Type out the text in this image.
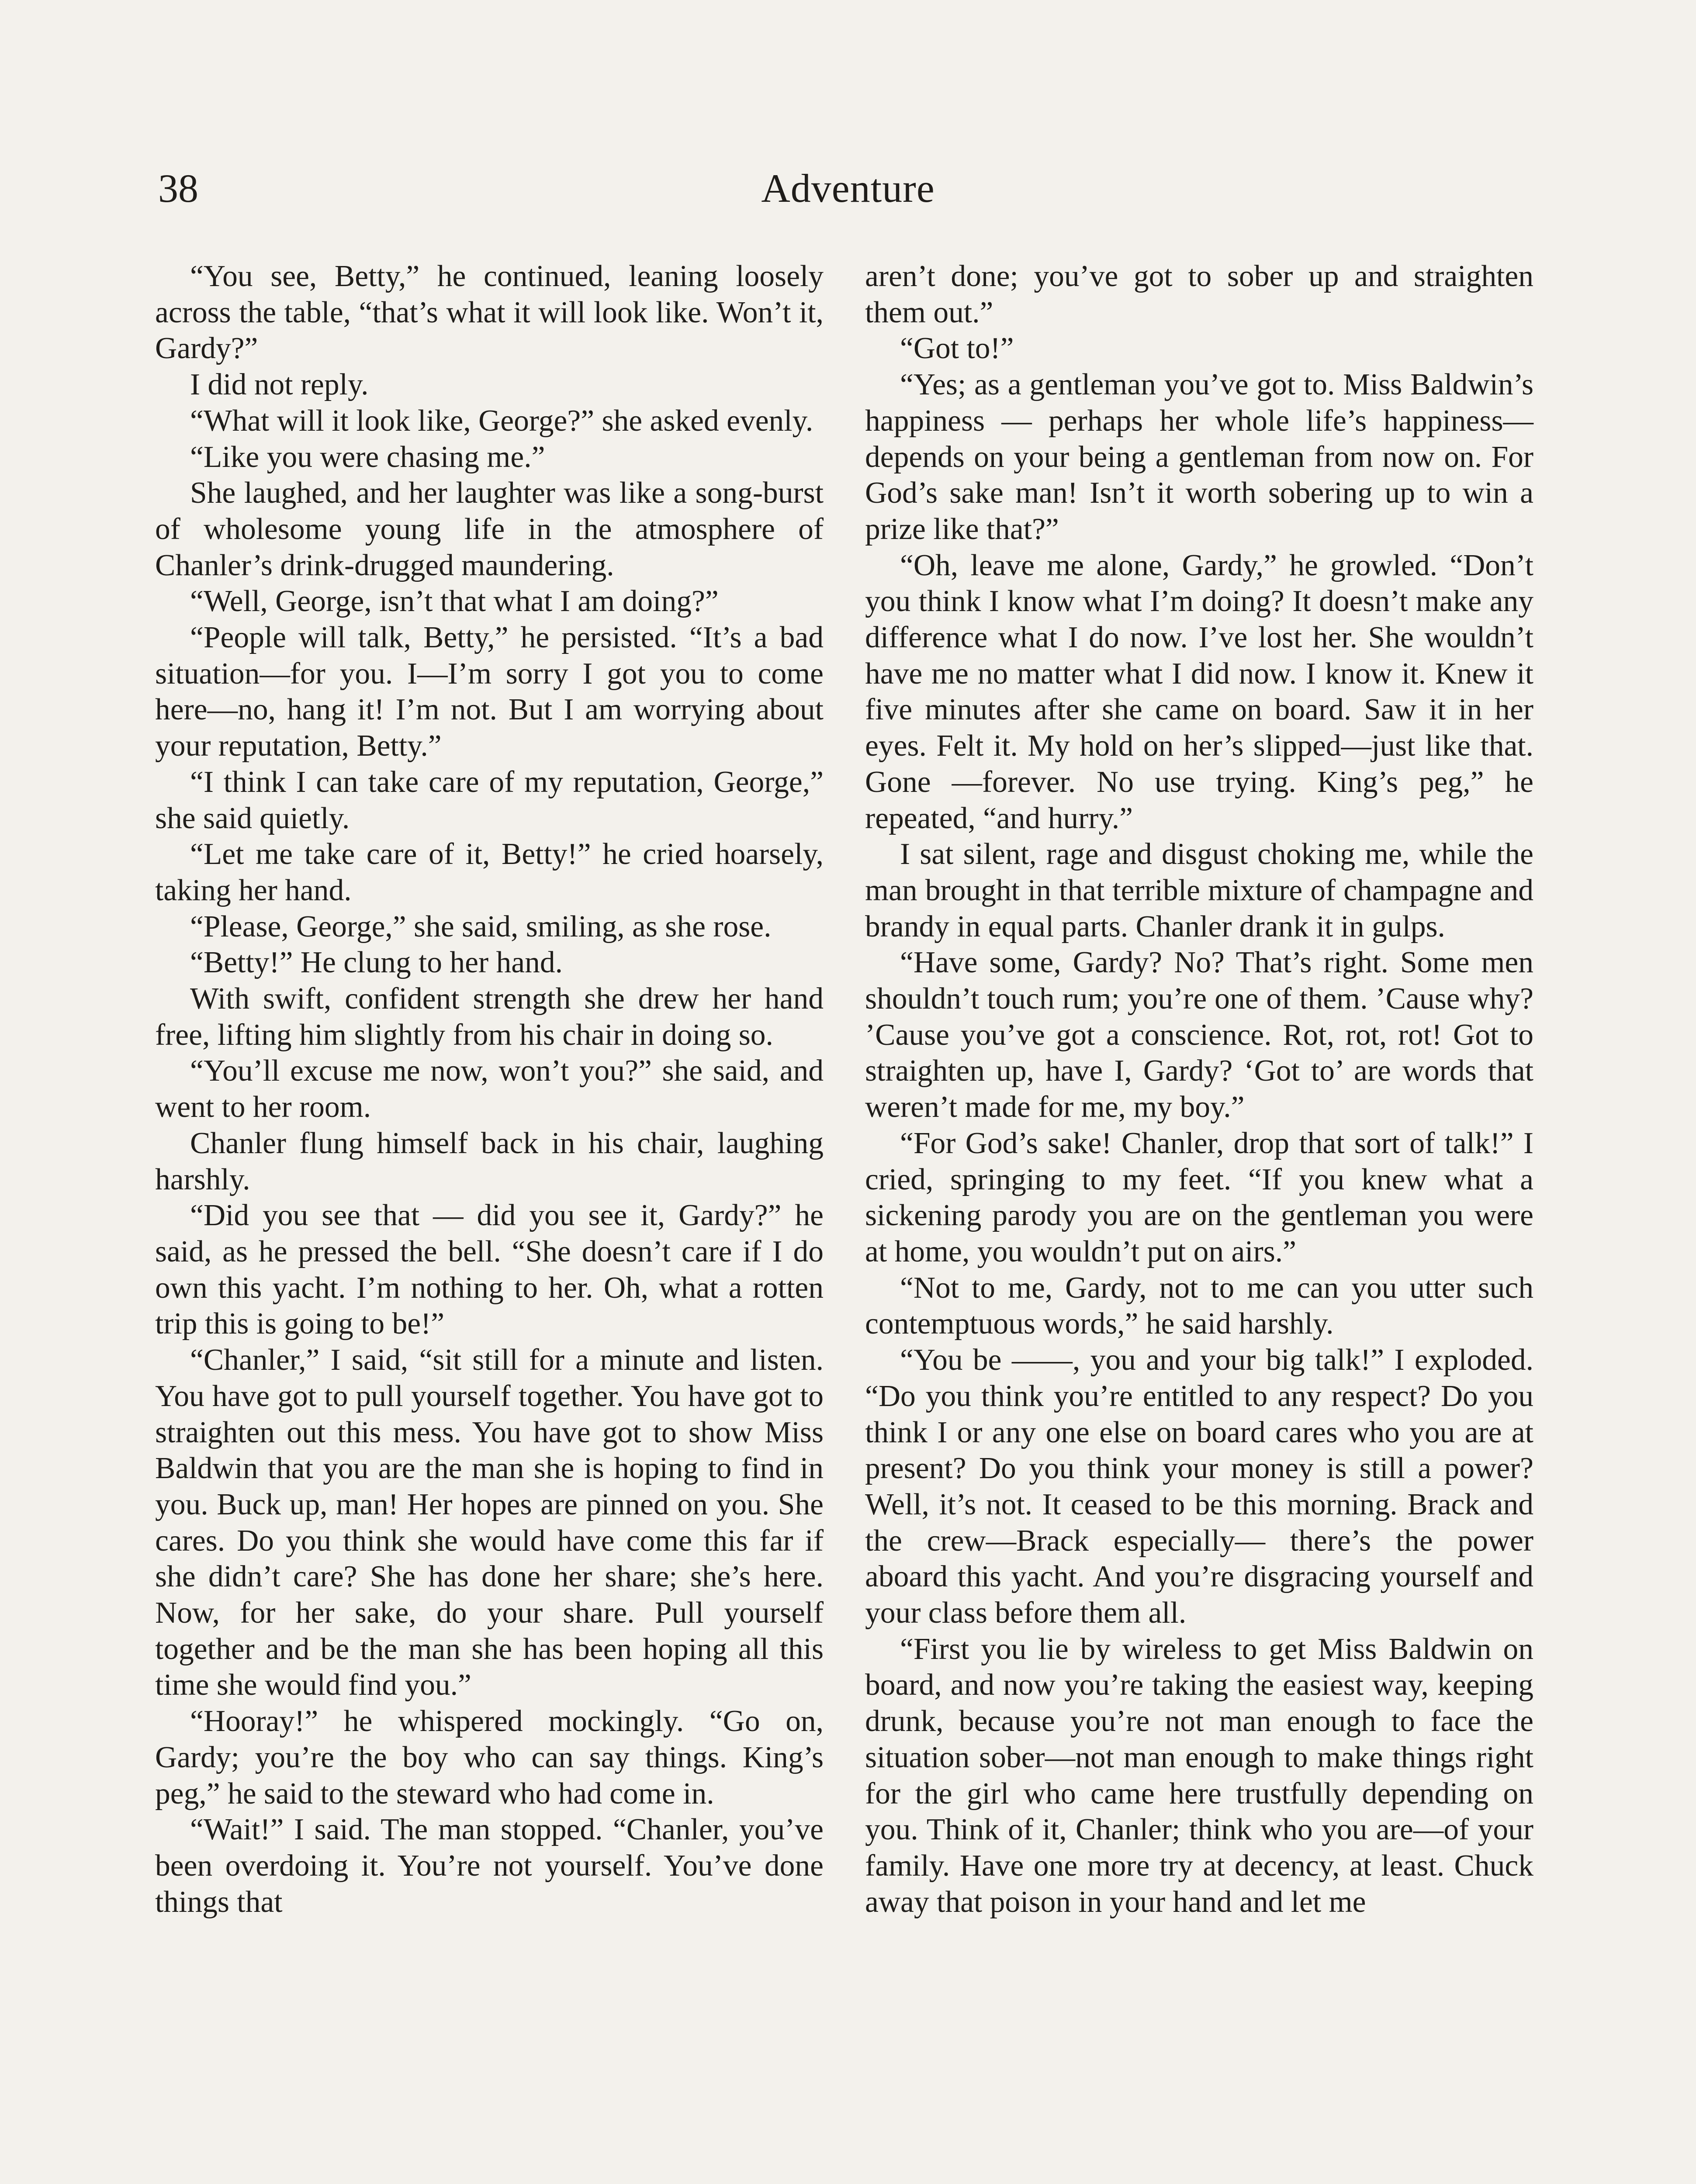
38	Adventure

“You see, Betty,” he continued, leaning loosely across the table, “that’s what it will look like. Won’t it, Gardy?”

I did not reply.

“What will it look like, George?” she asked evenly.

“Like you were chasing me.”

She laughed, and her laughter was like a song-burst of wholesome young life in the atmosphere of Chanler’s drink-drugged maundering.

“Well, George, isn’t that what I am doing?”

“People will talk, Betty,” he persisted. “It’s a bad situation—for you. I—I’m sorry I got you to come here—no, hang it! I’m not. But I am worrying about your reputation, Betty.”

“I think I can take care of my reputation, George,” she said quietly.

“Let me take care of it, Betty!” he cried hoarsely, taking her hand.

“Please, George,” she said, smiling, as she rose.

“Betty!” He clung to her hand.

With swift, confident strength she drew her hand free, lifting him slightly from his chair in doing so.

“You’ll excuse me now, won’t you?” she said, and went to her room.

Chanler flung himself back in his chair, laughing harshly.

“Did you see that — did you see it, Gardy?” he said, as he pressed the bell. “She doesn’t care if I do own this yacht. I’m nothing to her. Oh, what a rotten trip this is going to be!”

“Chanler,” I said, “sit still for a minute and listen. You have got to pull yourself together. You have got to straighten out this mess. You have got to show Miss Baldwin that you are the man she is hoping to find in you. Buck up, man! Her hopes are pinned on you. She cares. Do you think she would have come this far if she didn’t care? She has done her share; she’s here. Now, for her sake, do your share. Pull yourself together and be the man she has been hoping all this time she would find you.”

“Hooray!” he whispered mockingly. “Go on, Gardy; you’re the boy who can say things. King’s peg,” he said to the steward who had come in.

“Wait!” I said. The man stopped. “Chanler, you’ve been overdoing it. You’re not yourself. You’ve done things that

aren’t done; you’ve got to sober up and straighten them out.”

“Got to!”

“Yes; as a gentleman you’ve got to. Miss Baldwin’s happiness — perhaps her whole life’s happiness—depends on your being a gentleman from now on. For God’s sake man! Isn’t it worth sobering up to win a prize like that?”

“Oh, leave me alone, Gardy,” he growled. “Don’t you think I know what I’m doing? It doesn’t make any difference what I do now. I’ve lost her. She wouldn’t have me no matter what I did now. I know it. Knew it five minutes after she came on board. Saw it in her eyes. Felt it. My hold on her’s slipped—just like that. Gone —forever. No use trying. King’s peg,” he repeated, “and hurry.”

I sat silent, rage and disgust choking me, while the man brought in that terrible mixture of champagne and brandy in equal parts. Chanler drank it in gulps.

“Have some, Gardy? No? That’s right. Some men shouldn’t touch rum; you’re one of them. ’Cause why? ’Cause you’ve got a conscience. Rot, rot, rot! Got to straighten up, have I, Gardy? ‘Got to’ are words that weren’t made for me, my boy.”

“For God’s sake! Chanler, drop that sort of talk!” I cried, springing to my feet. “If you knew what a sickening parody you are on the gentleman you were at home, you wouldn’t put on airs.”

“Not to me, Gardy, not to me can you utter such contemptuous words,” he said harshly.

“You be ——, you and your big talk!” I exploded. “Do you think you’re entitled to any respect? Do you think I or any one else on board cares who you are at present? Do you think your money is still a power? Well, it’s not. It ceased to be this morning. Brack and the crew—Brack especially— there’s the power aboard this yacht. And you’re disgracing yourself and your class before them all.

“First you lie by wireless to get Miss Baldwin on board, and now you’re taking the easiest way, keeping drunk, because you’re not man enough to face the situation sober—not man enough to make things right for the girl who came here trustfully depending on you. Think of it, Chanler; think who you are—of your family. Have one more try at decency, at least. Chuck away that poison in your hand and let me
